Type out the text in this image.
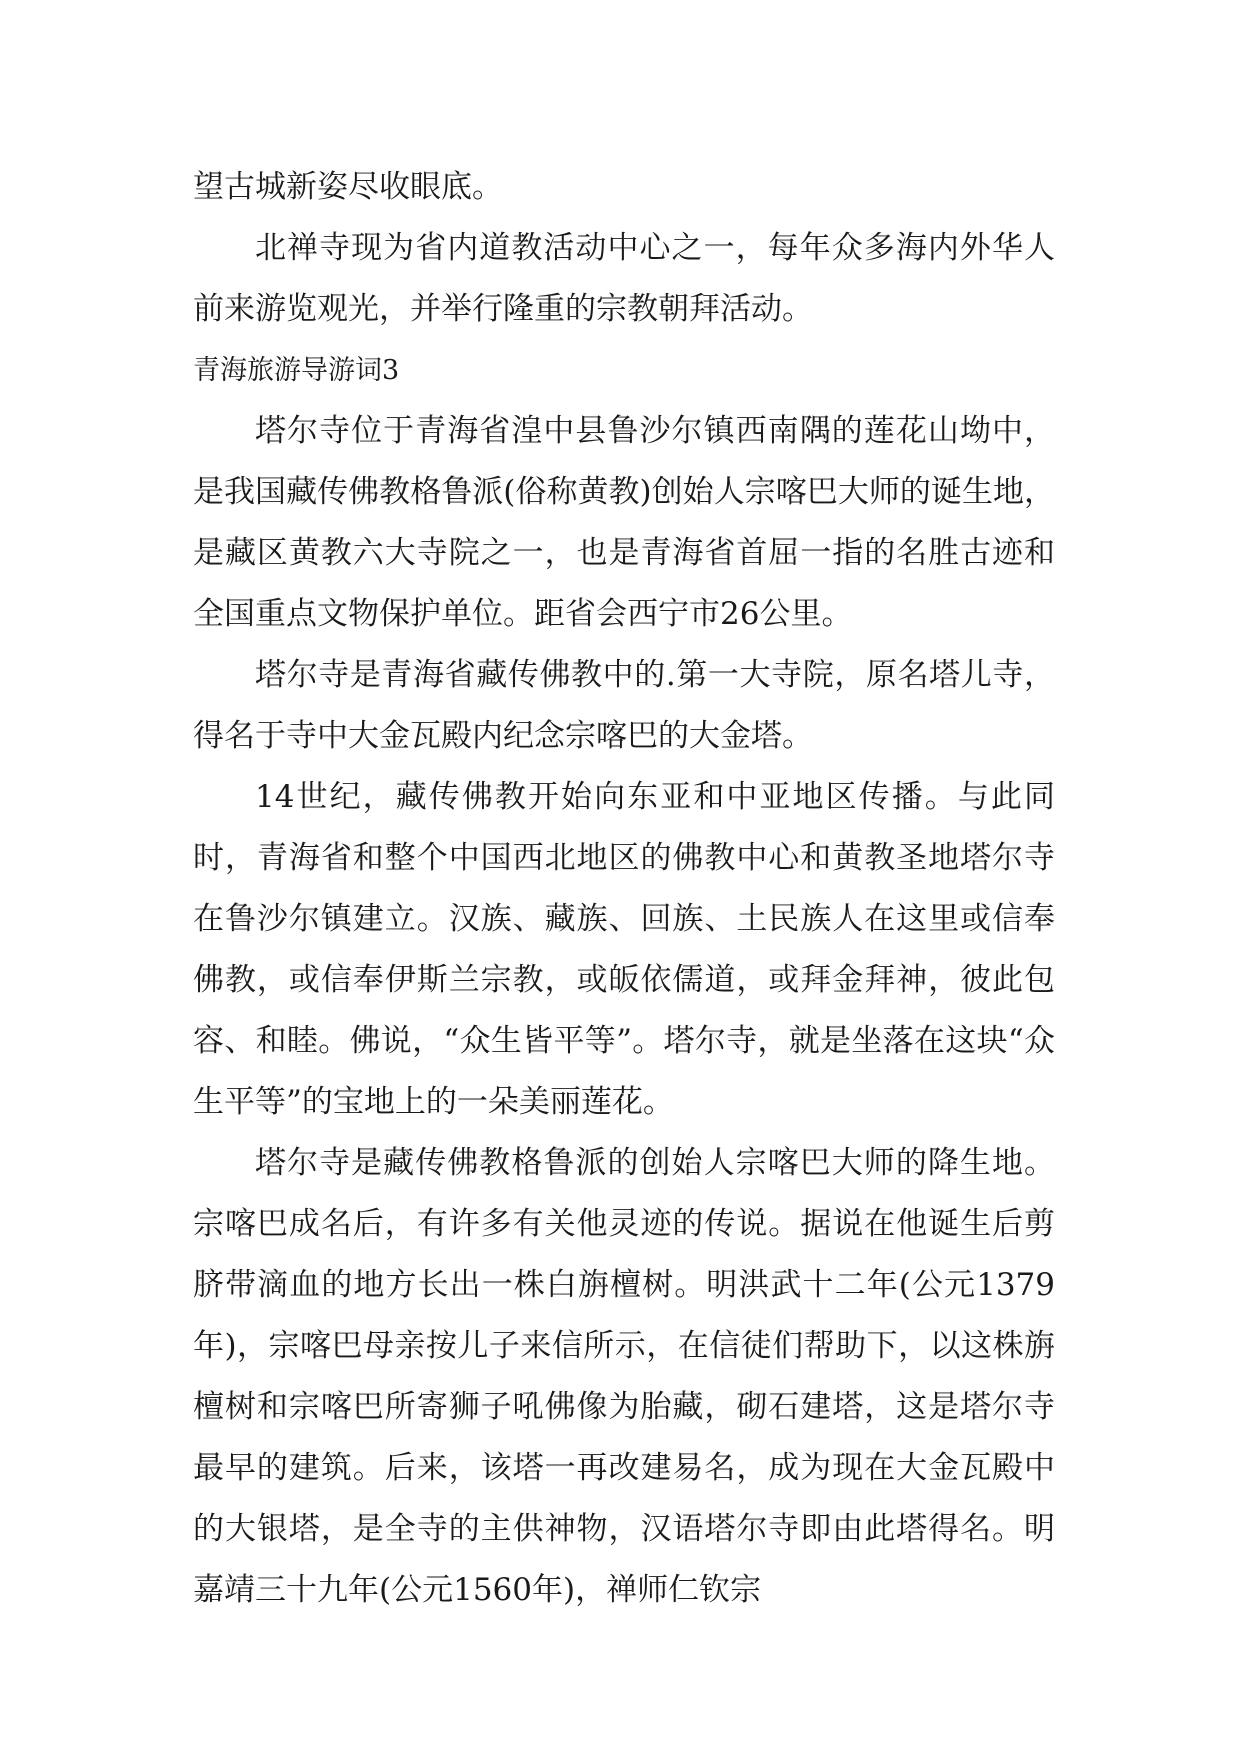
望古城新姿尽收眼底。

北禅寺现为省内道教活动中心之一，每年众多海内外华人前来游览观光，并举行隆重的宗教朝拜活动。

青海旅游导游词3

塔尔寺位于青海省湟中县鲁沙尔镇西南隅的莲花山坳中，是我国藏传佛教格鲁派(俗称黄教)创始人宗喀巴大师的诞生地，是藏区黄教六大寺院之一，也是青海省首屈一指的名胜古迹和全国重点文物保护单位。距省会西宁市26公里。

塔尔寺是青海省藏传佛教中的.第一大寺院，原名塔儿寺，得名于寺中大金瓦殿内纪念宗喀巴的大金塔。

14世纪，藏传佛教开始向东亚和中亚地区传播。与此同时，青海省和整个中国西北地区的佛教中心和黄教圣地塔尔寺在鲁沙尔镇建立。汉族、藏族、回族、土民族人在这里或信奉佛教，或信奉伊斯兰宗教，或皈依儒道，或拜金拜神，彼此包容、和睦。佛说，“众生皆平等”。塔尔寺，就是坐落在这块“众生平等”的宝地上的一朵美丽莲花。

塔尔寺是藏传佛教格鲁派的创始人宗喀巴大师的降生地。宗喀巴成名后，有许多有关他灵迹的传说。据说在他诞生后剪脐带滴血的地方长出一株白旃檀树。明洪武十二年(公元1379年)，宗喀巴母亲按儿子来信所示，在信徒们帮助下，以这株旃檀树和宗喀巴所寄狮子吼佛像为胎藏，砌石建塔，这是塔尔寺最早的建筑。后来，该塔一再改建易名，成为现在大金瓦殿中的大银塔，是全寺的主供神物，汉语塔尔寺即由此塔得名。明嘉靖三十九年(公元1560年)，禅师仁钦宗
